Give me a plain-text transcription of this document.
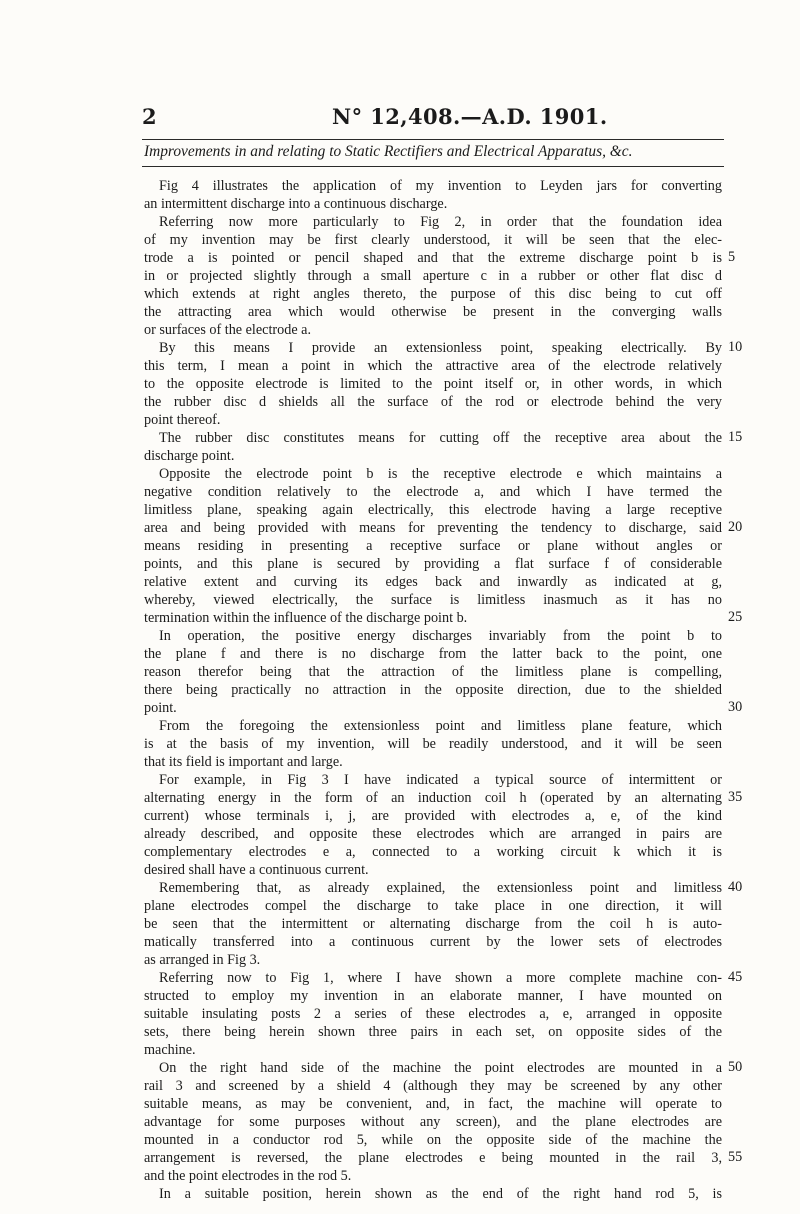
2	N° 12,408.—A.D. 1901.
Improvements in and relating to Static Rectifiers and Electrical Apparatus, &c.
Fig 4 illustrates the application of my invention to Leyden jars for converting
an intermittent discharge into a continuous discharge.
Referring now more particularly to Fig 2, in order that the foundation idea
of my invention may be first clearly understood, it will be seen that the elec-
trode a is pointed or pencil shaped and that the extreme discharge point b is
in or projected slightly through a small aperture c in a rubber or other flat disc d
which extends at right angles thereto, the purpose of this disc being to cut off
the attracting area which would otherwise be present in the converging walls
or surfaces of the electrode a.
By this means I provide an extensionless point, speaking electrically. By
this term, I mean a point in which the attractive area of the electrode relatively
to the opposite electrode is limited to the point itself or, in other words, in which
the rubber disc d shields all the surface of the rod or electrode behind the very
point thereof.
The rubber disc constitutes means for cutting off the receptive area about the
discharge point.
Opposite the electrode point b is the receptive electrode e which maintains a
negative condition relatively to the electrode a, and which I have termed the
limitless plane, speaking again electrically, this electrode having a large receptive
area and being provided with means for preventing the tendency to discharge, said
means residing in presenting a receptive surface or plane without angles or
points, and this plane is secured by providing a flat surface f of considerable
relative extent and curving its edges back and inwardly as indicated at g,
whereby, viewed electrically, the surface is limitless inasmuch as it has no
termination within the influence of the discharge point b.
In operation, the positive energy discharges invariably from the point b to
the plane f and there is no discharge from the latter back to the point, one
reason therefor being that the attraction of the limitless plane is compelling,
there being practically no attraction in the opposite direction, due to the shielded
point.
From the foregoing the extensionless point and limitless plane feature, which
is at the basis of my invention, will be readily understood, and it will be seen
that its field is important and large.
For example, in Fig 3 I have indicated a typical source of intermittent or
alternating energy in the form of an induction coil h (operated by an alternating
current) whose terminals i, j, are provided with electrodes a, e, of the kind
already described, and opposite these electrodes which are arranged in pairs are
complementary electrodes e a, connected to a working circuit k which it is
desired shall have a continuous current.
Remembering that, as already explained, the extensionless point and limitless
plane electrodes compel the discharge to take place in one direction, it will
be seen that the intermittent or alternating discharge from the coil h is auto-
matically transferred into a continuous current by the lower sets of electrodes
as arranged in Fig 3.
Referring now to Fig 1, where I have shown a more complete machine con-
structed to employ my invention in an elaborate manner, I have mounted on
suitable insulating posts 2 a series of these electrodes a, e, arranged in opposite
sets, there being herein shown three pairs in each set, on opposite sides of the
machine.
On the right hand side of the machine the point electrodes are mounted in a
rail 3 and screened by a shield 4 (although they may be screened by any other
suitable means, as may be convenient, and, in fact, the machine will operate to
advantage for some purposes without any screen), and the plane electrodes are
mounted in a conductor rod 5, while on the opposite side of the machine the
arrangement is reversed, the plane electrodes e being mounted in the rail 3,
and the point electrodes in the rod 5.
In a suitable position, herein shown as the end of the right hand rod 5, is
5
10
15
20
25
30
35
40
45
50
55
